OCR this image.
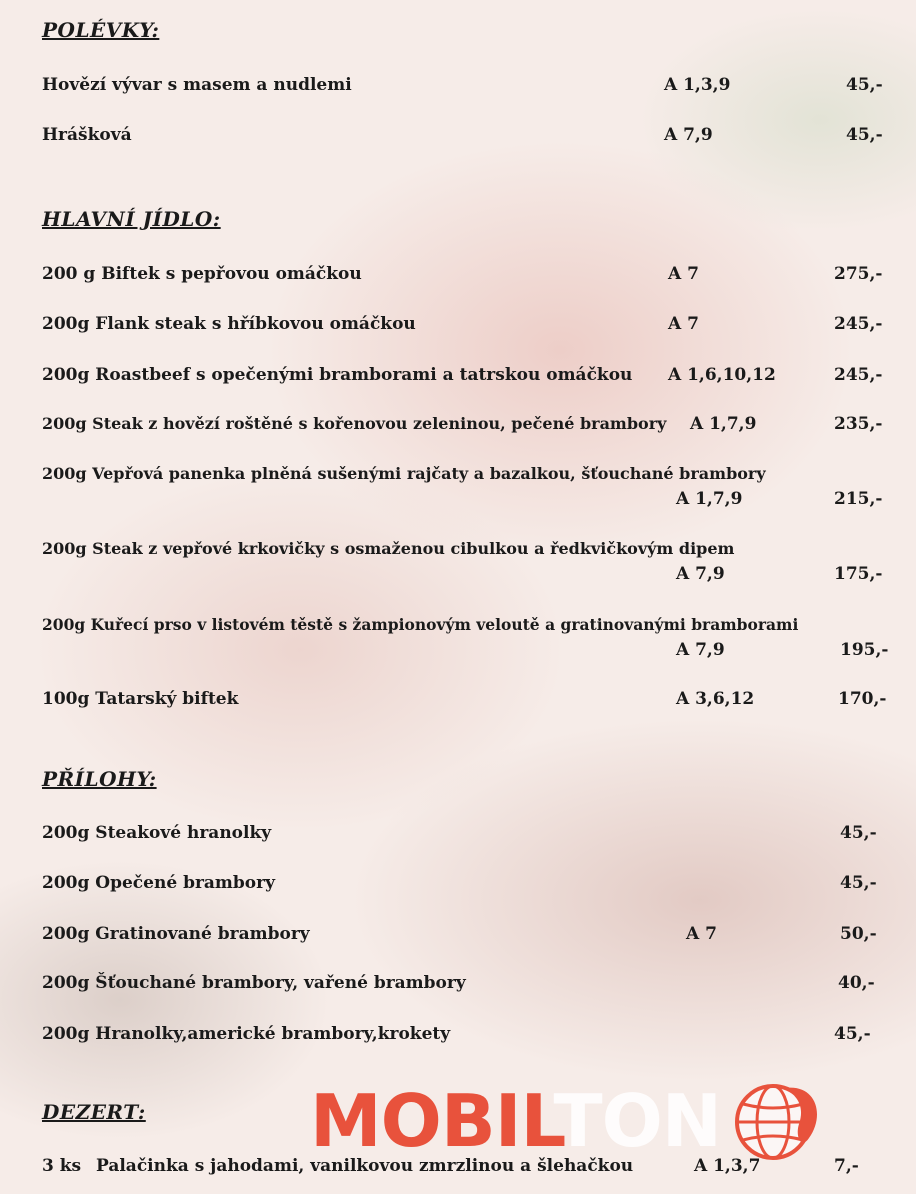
POLÉVKY:
Hovězí vývar s masem a nudlemi	A 1,3,9	45,-
Hrášková	A 7,9	45,-
HLAVNÍ JÍDLO:
200 g Biftek s pepřovou omáčkou	A 7	275,-
200g Flank steak s hříbkovou omáčkou	A 7	245,-
200g Roastbeef s opečenými bramborami a tatrskou omáčkou A 1,6,10,12	245,-
200g Steak z hovězí roštěné s kořenovou zeleninou, pečené brambory A 1,7,9	235,-
200g Vepřová panenka plněná sušenými rajčaty a bazalkou, šťouchané brambory
A 1,7,9	215,-
200g Steak z vepřové krkovičky s osmaženou cibulkou a ředkvičkovým dipem
A 7,9	175,-
200g Kuřecí prso v listovém těstě s žampionovým veloutě a gratinovanými bramborami
A 7,9	195,-
100g Tatarský biftek	A 3,6,12	170,-
PŘÍLOHY:
200g Steakové hranolky	45,-
200g Opečené brambory	45,-
200g Gratinované brambory	A 7	50,-
200g Šťouchané brambory, vařené brambory	40,-
200g Hranolky,americké brambory,krokety	45,-
DEZERT: MOBILTON
3 ks Palačinka s jahodami, vanilkovou zmrzlinou a šlehačkou	A 1,3,7	7,-
